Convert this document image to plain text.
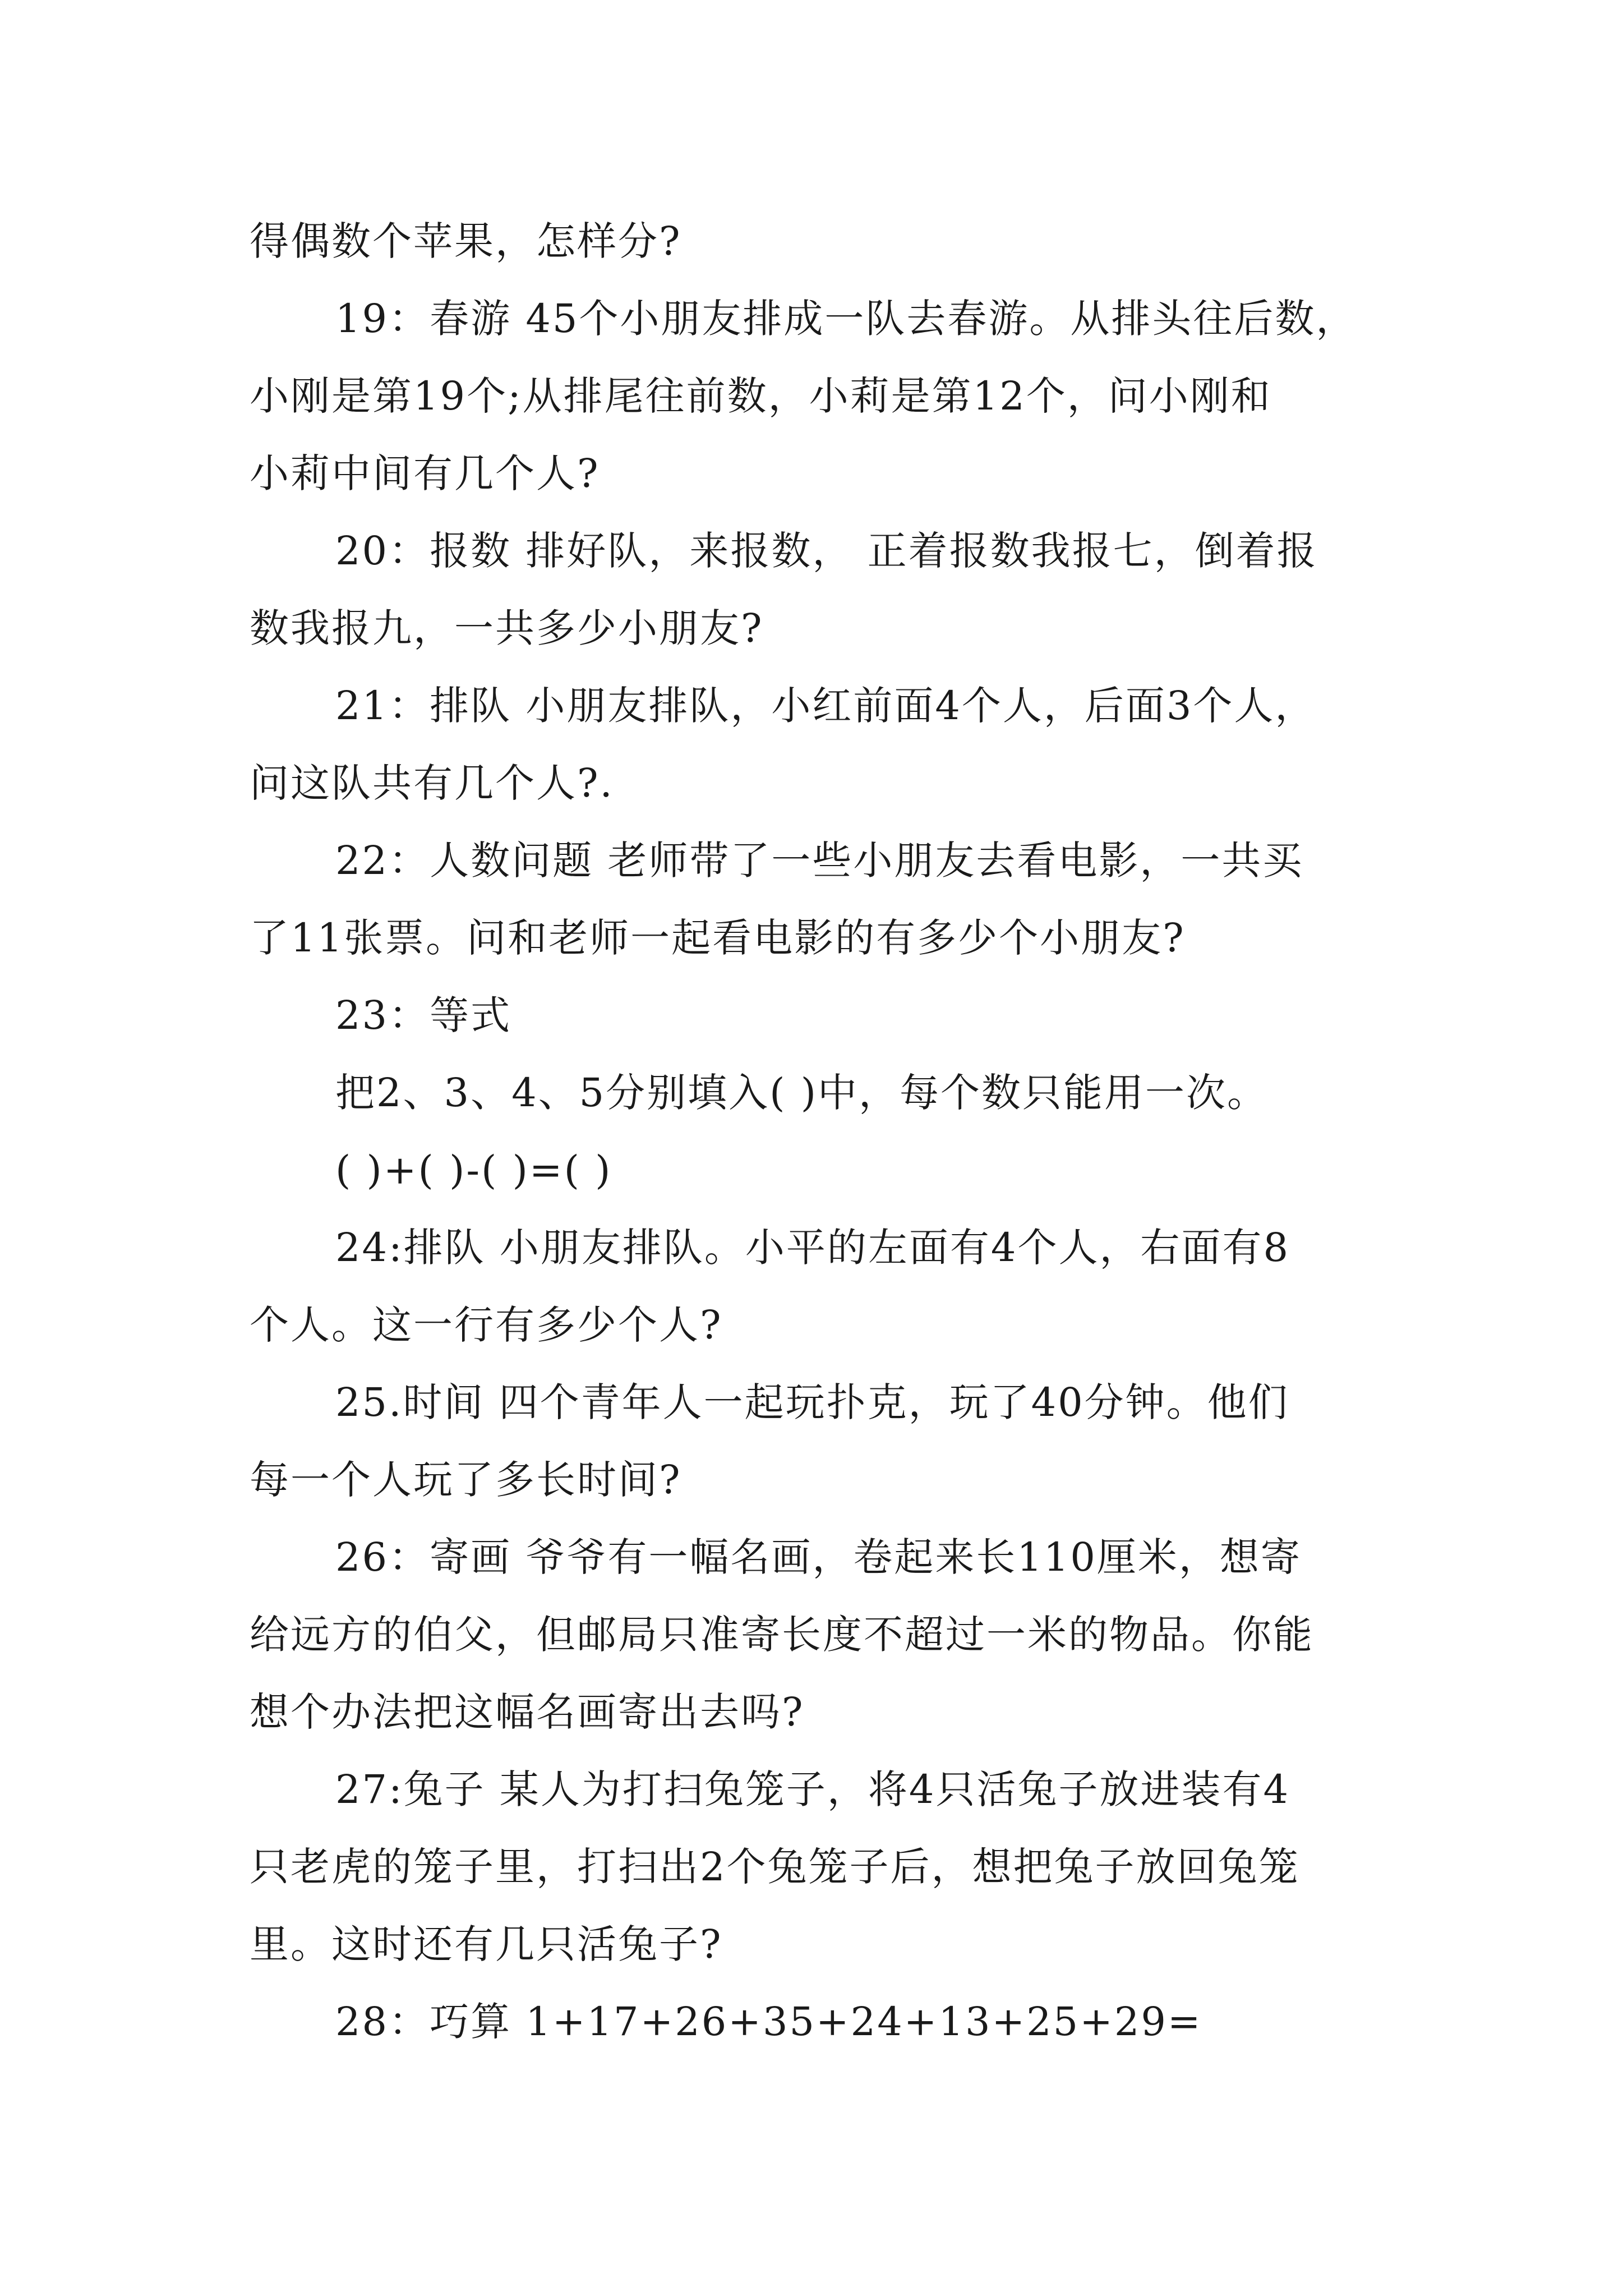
得偶数个苹果，怎样分?

19：春游 45个小朋友排成一队去春游。从排头往后数，

小刚是第19个;从排尾往前数，小莉是第12个，问小刚和

小莉中间有几个人?

20：报数 排好队，来报数， 正着报数我报七，倒着报

数我报九，一共多少小朋友?

21：排队 小朋友排队，小红前面4个人，后面3个人，

问这队共有几个人?.

22：人数问题 老师带了一些小朋友去看电影，一共买

了11张票。问和老师一起看电影的有多少个小朋友?

23：等式

把2、3、4、5分别填入( )中，每个数只能用一次。

( )+( )-( )=( )

24:排队 小朋友排队。小平的左面有4个人，右面有8

个人。这一行有多少个人?

25.时间 四个青年人一起玩扑克，玩了40分钟。他们

每一个人玩了多长时间?

26：寄画 爷爷有一幅名画，卷起来长110厘米，想寄

给远方的伯父，但邮局只准寄长度不超过一米的物品。你能

想个办法把这幅名画寄出去吗?

27:兔子 某人为打扫兔笼子，将4只活兔子放进装有4

只老虎的笼子里，打扫出2个兔笼子后，想把兔子放回兔笼

里。这时还有几只活兔子?

28：巧算 1+17+26+35+24+13+25+29=
